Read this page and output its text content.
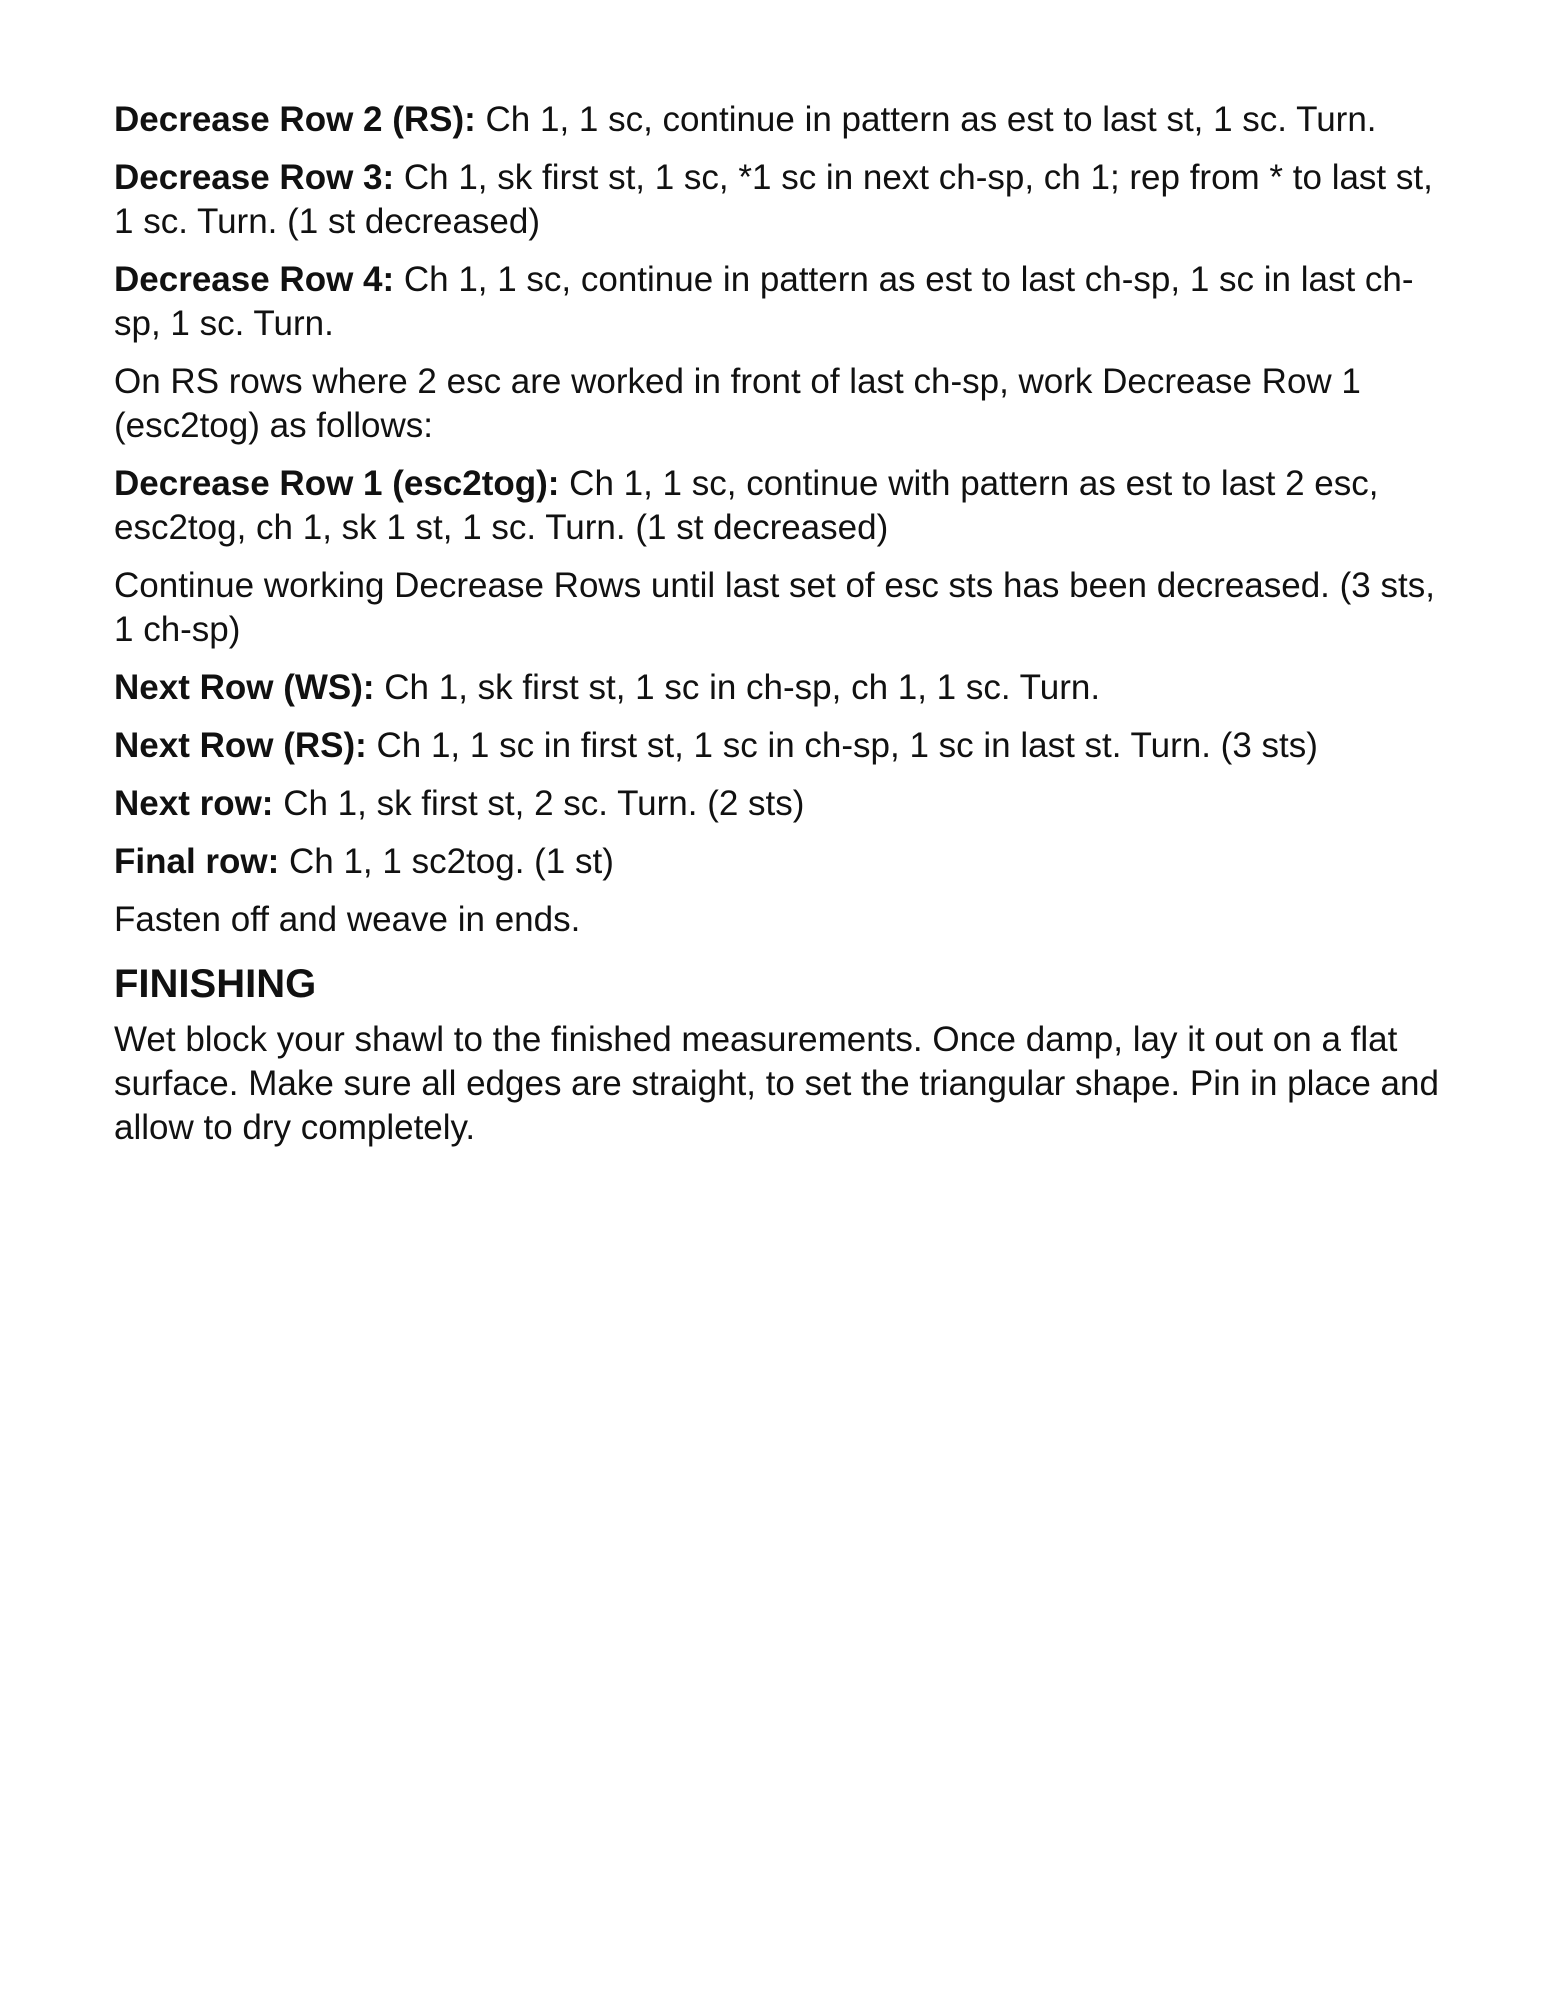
Decrease Row 2 (RS): Ch 1, 1 sc, continue in pattern as est to last st, 1 sc. Turn.

Decrease Row 3: Ch 1, sk first st, 1 sc, *1 sc in next ch-sp, ch 1; rep from * to last st, 1 sc. Turn. (1 st decreased)

Decrease Row 4: Ch 1, 1 sc, continue in pattern as est to last ch-sp, 1 sc in last ch-sp, 1 sc. Turn.

On RS rows where 2 esc are worked in front of last ch-sp, work Decrease Row 1 (esc2tog) as follows:

Decrease Row 1 (esc2tog): Ch 1, 1 sc, continue with pattern as est to last 2 esc, esc2tog, ch 1, sk 1 st, 1 sc. Turn. (1 st decreased)

Continue working Decrease Rows until last set of esc sts has been decreased. (3 sts, 1 ch-sp)

Next Row (WS): Ch 1, sk first st, 1 sc in ch-sp, ch 1, 1 sc. Turn.

Next Row (RS): Ch 1, 1 sc in first st, 1 sc in ch-sp, 1 sc in last st. Turn. (3 sts)

Next row: Ch 1, sk first st, 2 sc. Turn. (2 sts)

Final row: Ch 1, 1 sc2tog. (1 st)

Fasten off and weave in ends.

FINISHING

Wet block your shawl to the finished measurements. Once damp, lay it out on a flat surface. Make sure all edges are straight, to set the triangular shape. Pin in place and allow to dry completely.
